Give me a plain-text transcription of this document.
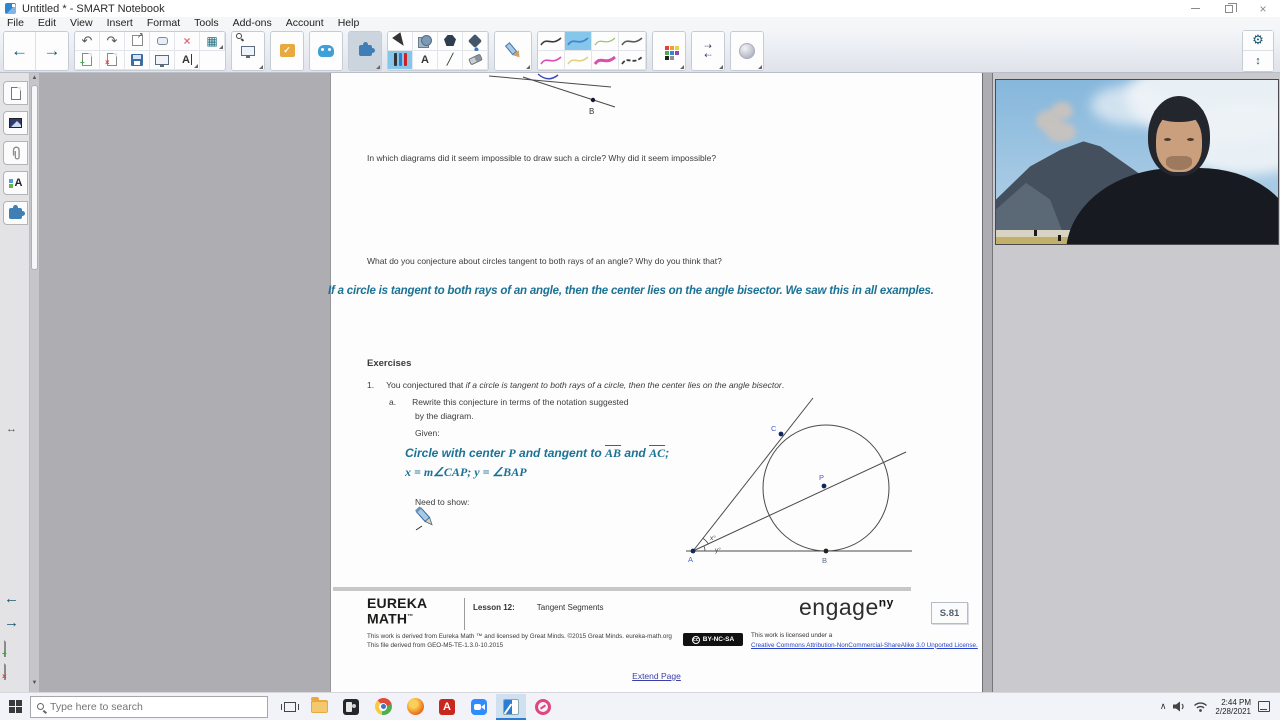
Untitled * - SMART Notebook	×
File Edit View Insert Format Tools Add-ons Account Help
← →
↶
+
↷
×
↗
×
A
▦
✓
A ╱
⇢
⇠
⚙
↕
A
↔
←
→
+
×
▲
▼
B
In which diagrams did it seem impossible to draw such a circle? Why did it seem impossible?
What do you conjecture about circles tangent to both rays of an angle? Why do you think that?
If a circle is tangent to both rays of an angle, then the center lies on the angle bisector. We saw this in all examples.
Exercises
1. You conjectured that if a circle is tangent to both rays of a circle, then the center lies on the angle bisector.
a. Rewrite this conjecture in terms of the notation suggested
by the diagram.
Given:
Circle with center P and tangent to $\overline{AB}$ and $\overline{AC}$;
x = m∠CAP; y = ∠BAP
Need to show:
x°
y°
A	B
C
P
EUREKA
MATH™
Lesson 12:	Tangent Segments	engage$^{ny}$
S.81
This work is derived from Eureka Math ™ and licensed by Great Minds. ©2015 Great Minds. eureka-math.org
This file derived from GEO-M5-TE-1.3.0-10.2015
cc BY-NC-SA
This work is licensed under a
Creative Commons Attribution-NonCommercial-ShareAlike 3.0 Unported License.
Extend Page
Type here to search
A	∧	2:44 PM
2/28/2021
